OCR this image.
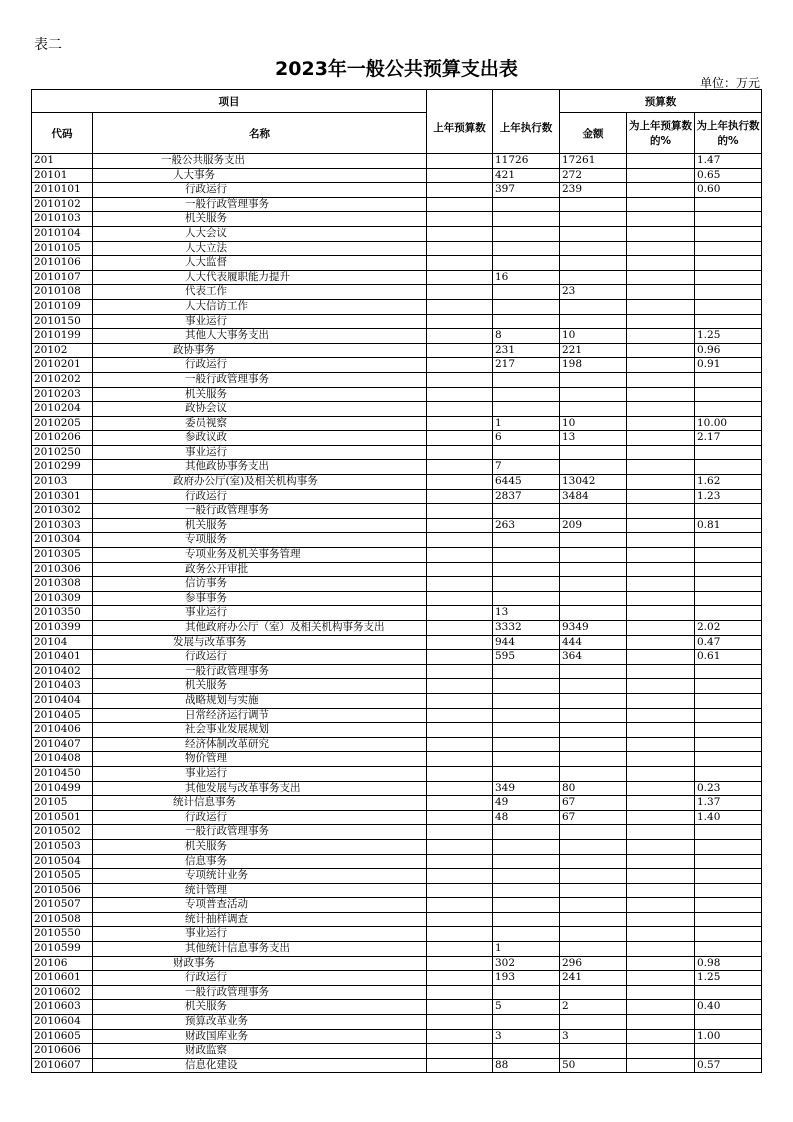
表二
2023年一般公共预算支出表
单位：万元
项目		上年预算数	上年执行数	预算数		
代码	名称			金额	为上年预算数的%	为上年执行数的%
201	一般公共服务支出		11726	17261		1.47
20101	人大事务		421	272		0.65
2010101	行政运行		397	239		0.60
2010102	一般行政管理事务					
2010103	机关服务					
2010104	人大会议					
2010105	人大立法					
2010106	人大监督					
2010107	人大代表履职能力提升		16			
2010108	代表工作			23		
2010109	人大信访工作					
2010150	事业运行					
2010199	其他人大事务支出		8	10		1.25
20102	政协事务		231	221		0.96
2010201	行政运行		217	198		0.91
2010202	一般行政管理事务					
2010203	机关服务					
2010204	政协会议					
2010205	委员视察		1	10		10.00
2010206	参政议政		6	13		2.17
2010250	事业运行					
2010299	其他政协事务支出		7			
20103	政府办公厅(室)及相关机构事务		6445	13042		1.62
2010301	行政运行		2837	3484		1.23
2010302	一般行政管理事务					
2010303	机关服务		263	209		0.81
2010304	专项服务					
2010305	专项业务及机关事务管理					
2010306	政务公开审批					
2010308	信访事务					
2010309	参事事务					
2010350	事业运行		13			
2010399	其他政府办公厅（室）及相关机构事务支出		3332	9349		2.02
20104	发展与改革事务		944	444		0.47
2010401	行政运行		595	364		0.61
2010402	一般行政管理事务					
2010403	机关服务					
2010404	战略规划与实施					
2010405	日常经济运行调节					
2010406	社会事业发展规划					
2010407	经济体制改革研究					
2010408	物价管理					
2010450	事业运行					
2010499	其他发展与改革事务支出		349	80		0.23
20105	统计信息事务		49	67		1.37
2010501	行政运行		48	67		1.40
2010502	一般行政管理事务					
2010503	机关服务					
2010504	信息事务					
2010505	专项统计业务					
2010506	统计管理					
2010507	专项普查活动					
2010508	统计抽样调查					
2010550	事业运行					
2010599	其他统计信息事务支出		1			
20106	财政事务		302	296		0.98
2010601	行政运行		193	241		1.25
2010602	一般行政管理事务					
2010603	机关服务		5	2		0.40
2010604	预算改革业务					
2010605	财政国库业务		3	3		1.00
2010606	财政监察					
2010607	信息化建设		88	50		0.57
